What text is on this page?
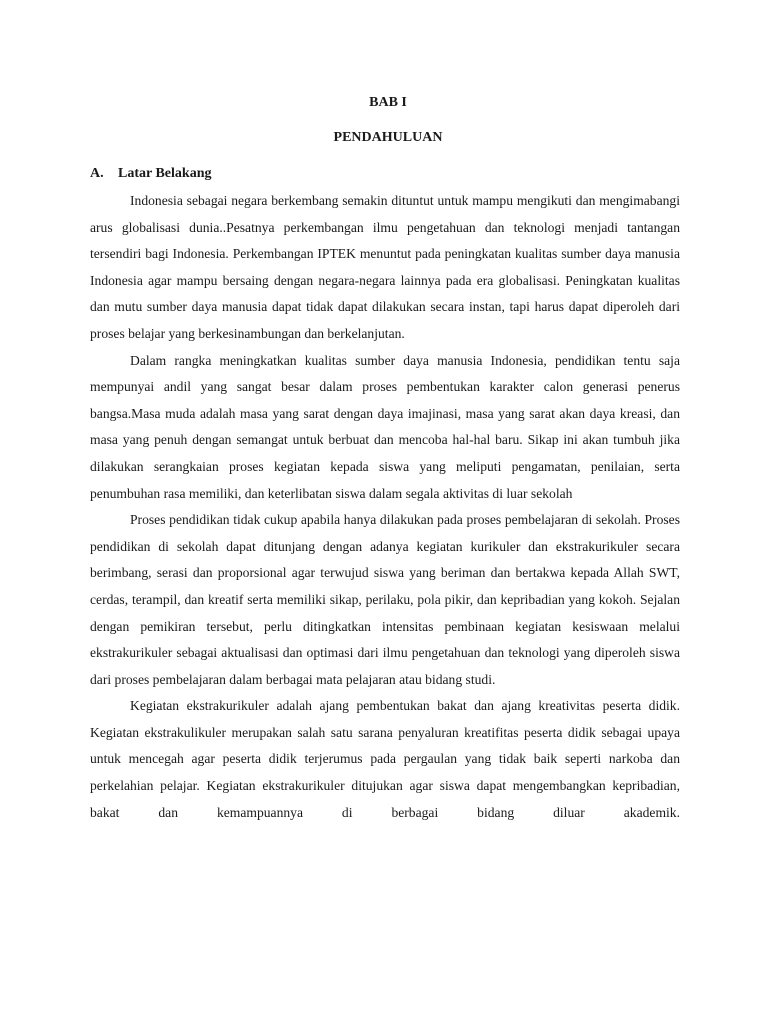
BAB I
PENDAHULUAN
A. Latar Belakang

Indonesia sebagai negara berkembang semakin dituntut untuk mampu mengikuti dan mengimabangi arus globalisasi dunia..Pesatnya perkembangan ilmu pengetahuan dan teknologi menjadi tantangan tersendiri bagi Indonesia. Perkembangan IPTEK menuntut pada peningkatan kualitas sumber daya manusia Indonesia agar mampu bersaing dengan negara-negara lainnya pada era globalisasi. Peningkatan kualitas dan mutu sumber daya manusia dapat tidak dapat dilakukan secara instan, tapi harus dapat diperoleh dari proses belajar yang berkesinambungan dan berkelanjutan.

Dalam rangka meningkatkan kualitas sumber daya manusia Indonesia, pendidikan tentu saja mempunyai andil yang sangat besar dalam proses pembentukan karakter calon generasi penerus bangsa.Masa muda adalah masa yang sarat dengan daya imajinasi, masa yang sarat akan daya kreasi, dan masa yang penuh dengan semangat untuk berbuat dan mencoba hal-hal baru. Sikap ini akan tumbuh jika dilakukan serangkaian proses kegiatan kepada siswa yang meliputi pengamatan, penilaian, serta penumbuhan rasa memiliki, dan keterlibatan siswa dalam segala aktivitas di luar sekolah

Proses pendidikan tidak cukup apabila hanya dilakukan pada proses pembelajaran di sekolah. Proses pendidikan di sekolah dapat ditunjang dengan adanya kegiatan kurikuler dan ekstrakurikuler secara berimbang, serasi dan proporsional agar terwujud siswa yang beriman dan bertakwa kepada Allah SWT, cerdas, terampil, dan kreatif serta memiliki sikap, perilaku, pola pikir, dan kepribadian yang kokoh. Sejalan dengan pemikiran tersebut, perlu ditingkatkan intensitas pembinaan kegiatan kesiswaan melalui ekstrakurikuler sebagai aktualisasi dan optimasi dari ilmu pengetahuan dan teknologi yang diperoleh siswa dari proses pembelajaran dalam berbagai mata pelajaran atau bidang studi.

Kegiatan ekstrakurikuler adalah ajang pembentukan bakat dan ajang kreativitas peserta didik. Kegiatan ekstrakulikuler merupakan salah satu sarana penyaluran kreatifitas peserta didik sebagai upaya untuk mencegah agar peserta didik terjerumus pada pergaulan yang tidak baik seperti narkoba dan perkelahian pelajar. Kegiatan ekstrakurikuler ditujukan agar siswa dapat mengembangkan kepribadian, bakat dan kemampuannya di berbagai bidang diluar akademik.
